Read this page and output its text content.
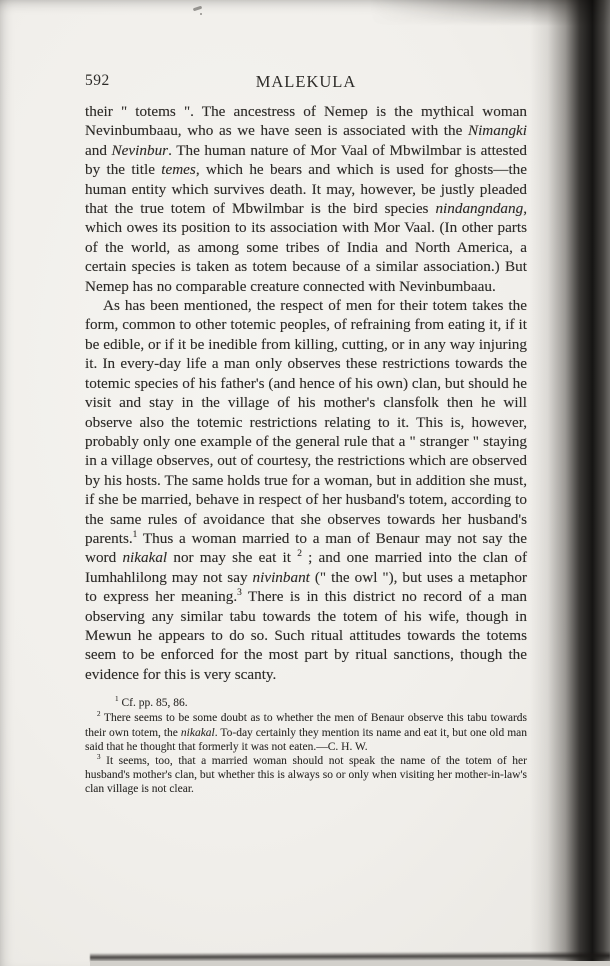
592	MALEKULA

their " totems ". The ancestress of Nemep is the mythical woman Nevinbumbaau, who as we have seen is associated with the Nimangki and Nevinbur. The human nature of Mor Vaal of Mbwilmbar is attested by the title temes, which he bears and which is used for ghosts—the human entity which survives death. It may, however, be justly pleaded that the true totem of Mbwilmbar is the bird species nindangndang, which owes its position to its association with Mor Vaal. (In other parts of the world, as among some tribes of India and North America, a certain species is taken as totem because of a similar association.) But Nemep has no comparable creature connected with Nevinbumbaau.

As has been mentioned, the respect of men for their totem takes the form, common to other totemic peoples, of refraining from eating it, if it be edible, or if it be inedible from killing, cutting, or in any way injuring it. In every-day life a man only observes these restrictions towards the totemic species of his father's (and hence of his own) clan, but should he visit and stay in the village of his mother's clansfolk then he will observe also the totemic restrictions relating to it. This is, however, probably only one example of the general rule that a " stranger " staying in a village observes, out of courtesy, the restrictions which are observed by his hosts. The same holds true for a woman, but in addition she must, if she be married, behave in respect of her husband's totem, according to the same rules of avoidance that she observes towards her husband's parents.$^1$ Thus a woman married to a man of Benaur may not say the word nikakal nor may she eat it $^2$ ; and one married into the clan of Iumhahlilong may not say nivinbant (" the owl "), but uses a metaphor to express her meaning.$^3$ There is in this district no record of a man observing any similar tabu towards the totem of his wife, though in Mewun he appears to do so. Such ritual attitudes towards the totems seem to be enforced for the most part by ritual sanctions, though the evidence for this is very scanty.

$^1$ Cf. pp. 85, 86.

$^2$ There seems to be some doubt as to whether the men of Benaur observe this tabu towards their own totem, the nikakal. To-day certainly they mention its name and eat it, but one old man said that he thought that formerly it was not eaten.—C. H. W.

$^3$ It seems, too, that a married woman should not speak the name of the totem of her husband's mother's clan, but whether this is always so or only when visiting her mother-in-law's clan village is not clear.
